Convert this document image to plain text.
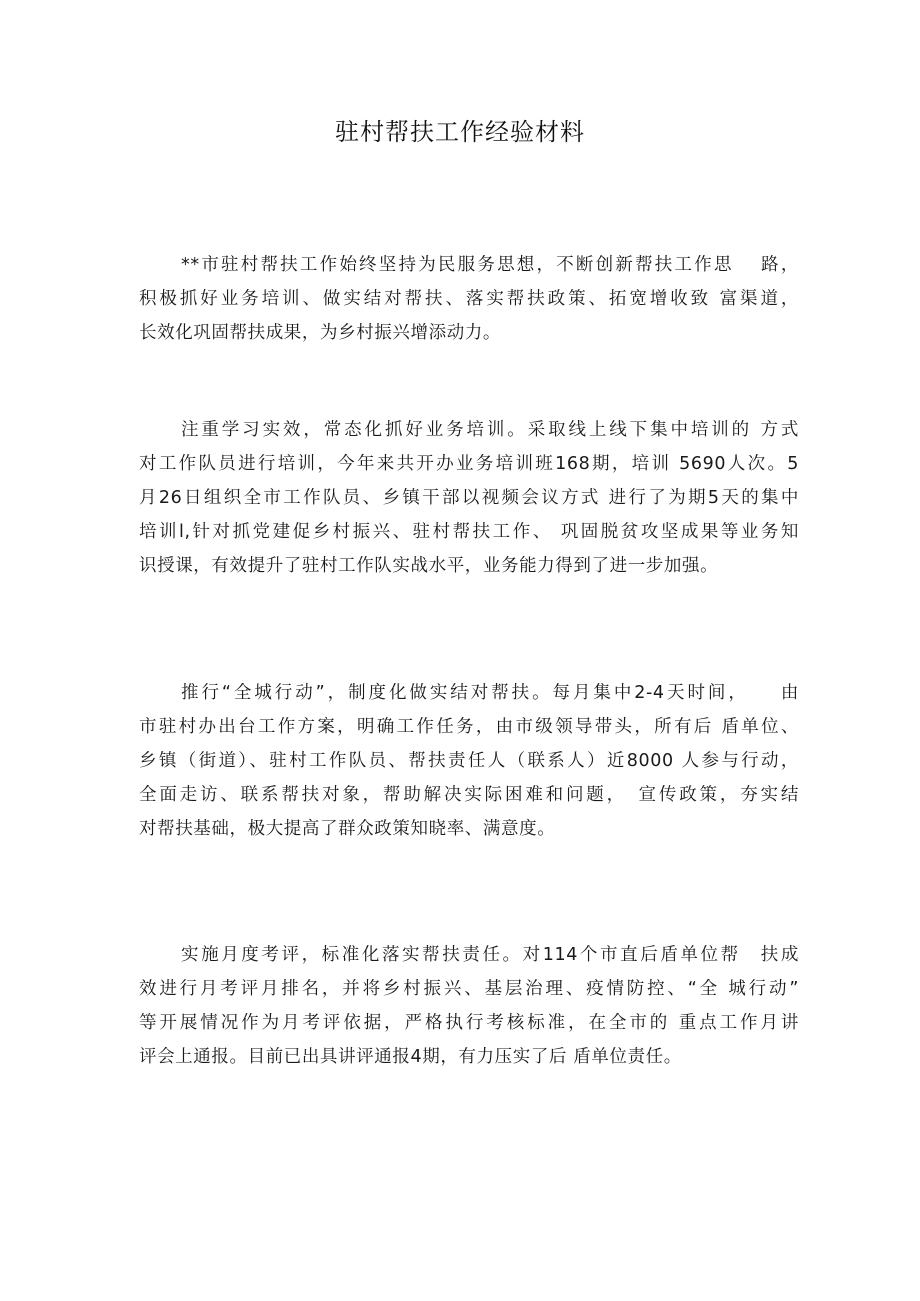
驻村帮扶工作经验材料
**市驻村帮扶工作始终坚持为民服务思想，不断创新帮扶工作思　 路，
积极抓好业务培训、做实结对帮扶、落实帮扶政策、拓宽增收致 富渠道，
长效化巩固帮扶成果，为乡村振兴增添动力。
注重学习实效，常态化抓好业务培训。采取线上线下集中培训的 方式
对工作队员进行培训，今年来共开办业务培训班168期，培训 5690人次。5
月26日组织全市工作队员、乡镇干部以视频会议方式 进行了为期5天的集中
培训l,针对抓党建促乡村振兴、驻村帮扶工作、 巩固脱贫攻坚成果等业务知
识授课，有效提升了驻村工作队实战水平，业务能力得到了进一步加强。
推行“全城行动”，制度化做实结对帮扶。每月集中2-4天时间，　　由
市驻村办出台工作方案，明确工作任务，由市级领导带头，所有后 盾单位、
乡镇（街道）、驻村工作队员、帮扶责任人（联系人）近8000 人参与行动，
全面走访、联系帮扶对象，帮助解决实际困难和问题，　宣传政策，夯实结
对帮扶基础，极大提高了群众政策知晓率、满意度。
实施月度考评，标准化落实帮扶责任。对114个市直后盾单位帮　扶成
效进行月考评月排名，并将乡村振兴、基层治理、疫情防控、“全 城行动”
等开展情况作为月考评依据，严格执行考核标准，在全市的 重点工作月讲
评会上通报。目前已出具讲评通报4期，有力压实了后 盾单位责任。
